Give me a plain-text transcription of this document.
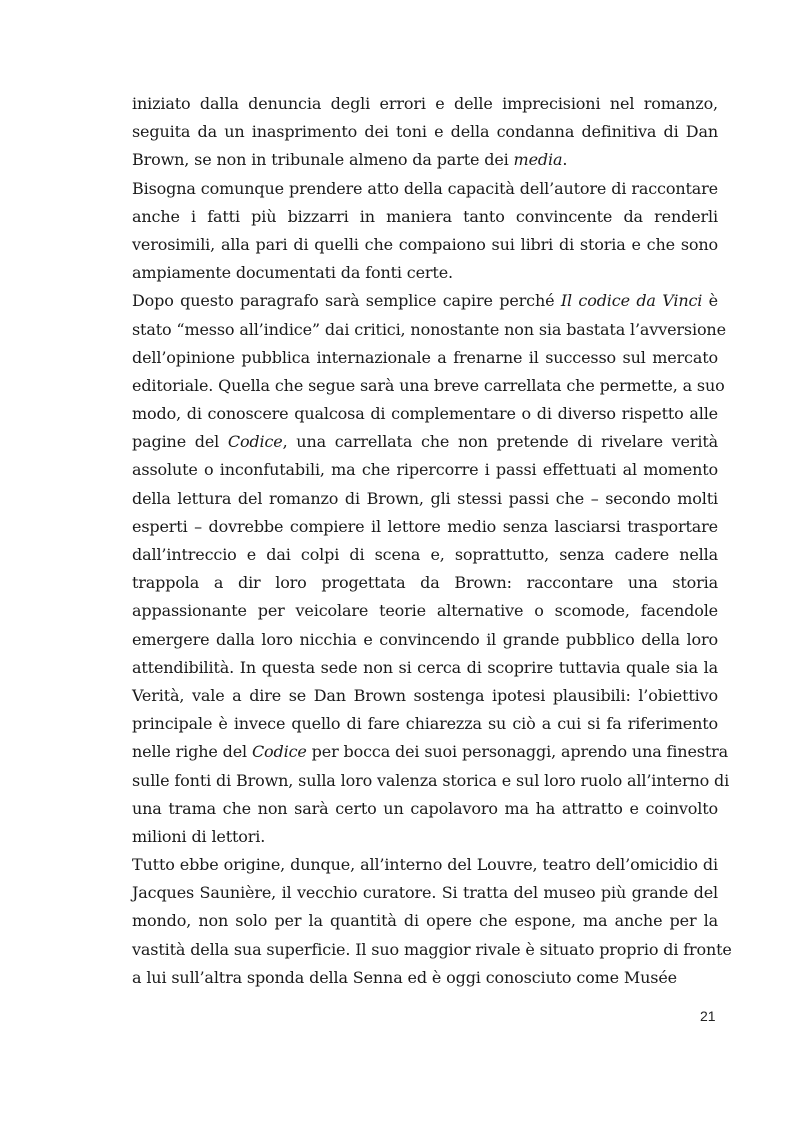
iniziato dalla denuncia degli errori e delle imprecisioni nel romanzo,
seguita da un inasprimento dei toni e della condanna definitiva di Dan
Brown, se non in tribunale almeno da parte dei media.
Bisogna comunque prendere atto della capacità dell’autore di raccontare
anche i fatti più bizzarri in maniera tanto convincente da renderli
verosimili, alla pari di quelli che compaiono sui libri di storia e che sono
ampiamente documentati da fonti certe.
Dopo questo paragrafo sarà semplice capire perché Il codice da Vinci è
stato “messo all’indice” dai critici, nonostante non sia bastata l’avversione
dell’opinione pubblica internazionale a frenarne il successo sul mercato
editoriale. Quella che segue sarà una breve carrellata che permette, a suo
modo, di conoscere qualcosa di complementare o di diverso rispetto alle
pagine del Codice, una carrellata che non pretende di rivelare verità
assolute o inconfutabili, ma che ripercorre i passi effettuati al momento
della lettura del romanzo di Brown, gli stessi passi che – secondo molti
esperti – dovrebbe compiere il lettore medio senza lasciarsi trasportare
dall’intreccio e dai colpi di scena e, soprattutto, senza cadere nella
trappola a dir loro progettata da Brown: raccontare una storia
appassionante per veicolare teorie alternative o scomode, facendole
emergere dalla loro nicchia e convincendo il grande pubblico della loro
attendibilità. In questa sede non si cerca di scoprire tuttavia quale sia la
Verità, vale a dire se Dan Brown sostenga ipotesi plausibili: l’obiettivo
principale è invece quello di fare chiarezza su ciò a cui si fa riferimento
nelle righe del Codice per bocca dei suoi personaggi, aprendo una finestra
sulle fonti di Brown, sulla loro valenza storica e sul loro ruolo all’interno di
una trama che non sarà certo un capolavoro ma ha attratto e coinvolto
milioni di lettori.
Tutto ebbe origine, dunque, all’interno del Louvre, teatro dell’omicidio di
Jacques Saunière, il vecchio curatore. Si tratta del museo più grande del
mondo, non solo per la quantità di opere che espone, ma anche per la
vastità della sua superficie. Il suo maggior rivale è situato proprio di fronte
a lui sull’altra sponda della Senna ed è oggi conosciuto come Musée
21
